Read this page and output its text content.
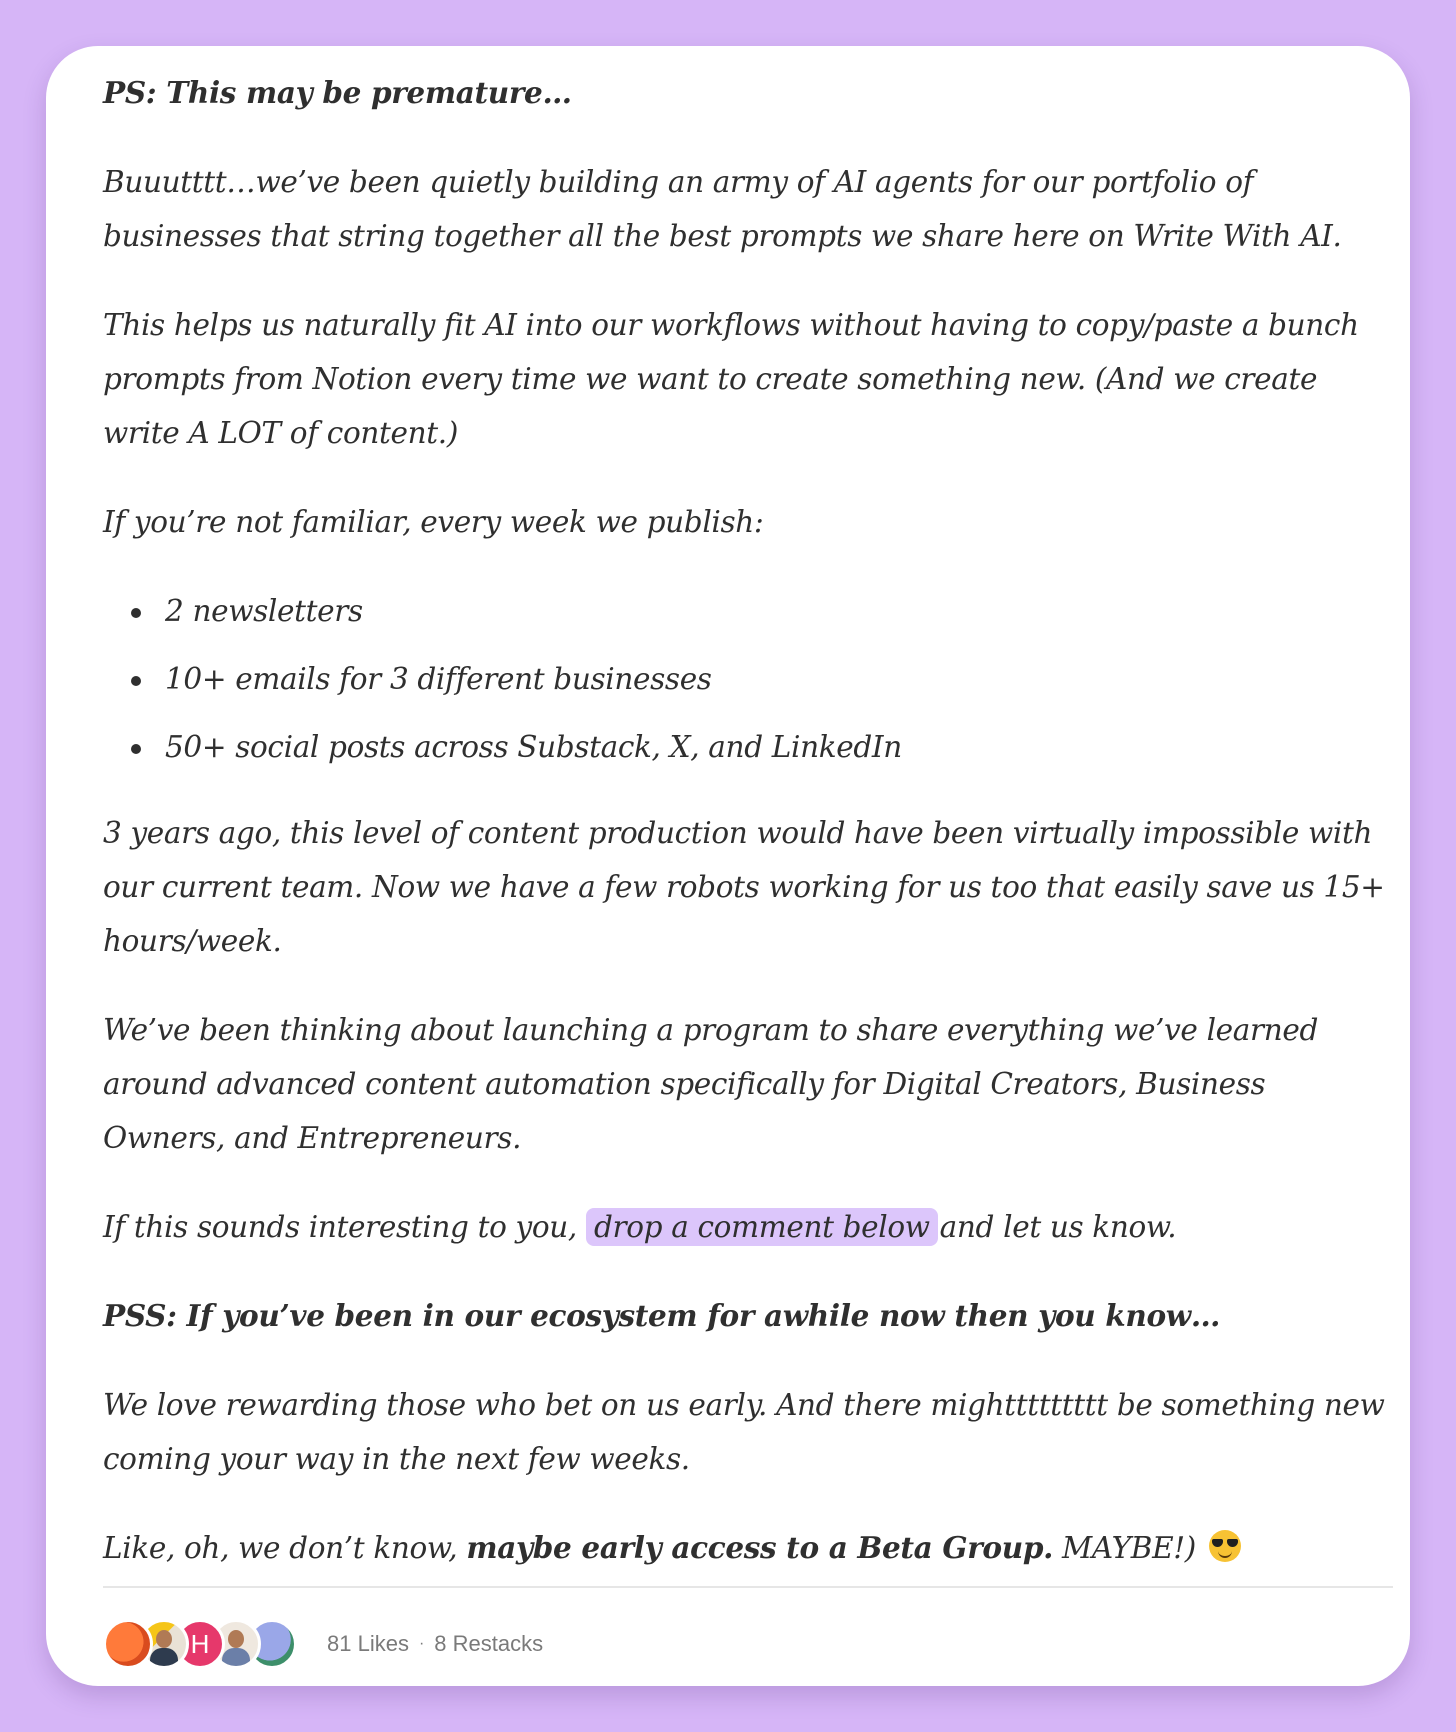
PS: This may be premature…

Buuutttt…we’ve been quietly building an army of AI agents for our portfolio of businesses that string together all the best prompts we share here on Write With AI.

This helps us naturally fit AI into our workflows without having to copy/paste a bunch prompts from Notion every time we want to create something new. (And we create write A LOT of content.)

If you’re not familiar, every week we publish:

2 newsletters
10+ emails for 3 different businesses
50+ social posts across Substack, X, and LinkedIn

3 years ago, this level of content production would have been virtually impossible with our current team. Now we have a few robots working for us too that easily save us 15+ hours/week.

We’ve been thinking about launching a program to share everything we’ve learned around advanced content automation specifically for Digital Creators, Business Owners, and Entrepreneurs.

If this sounds interesting to you, drop a comment below and let us know.

PSS: If you’ve been in our ecosystem for awhile now then you know…

We love rewarding those who bet on us early. And there mighttttttttt be something new coming your way in the next few weeks.

Like, oh, we don’t know, maybe early access to a Beta Group. MAYBE!)

H	81 Likes · 8 Restacks
